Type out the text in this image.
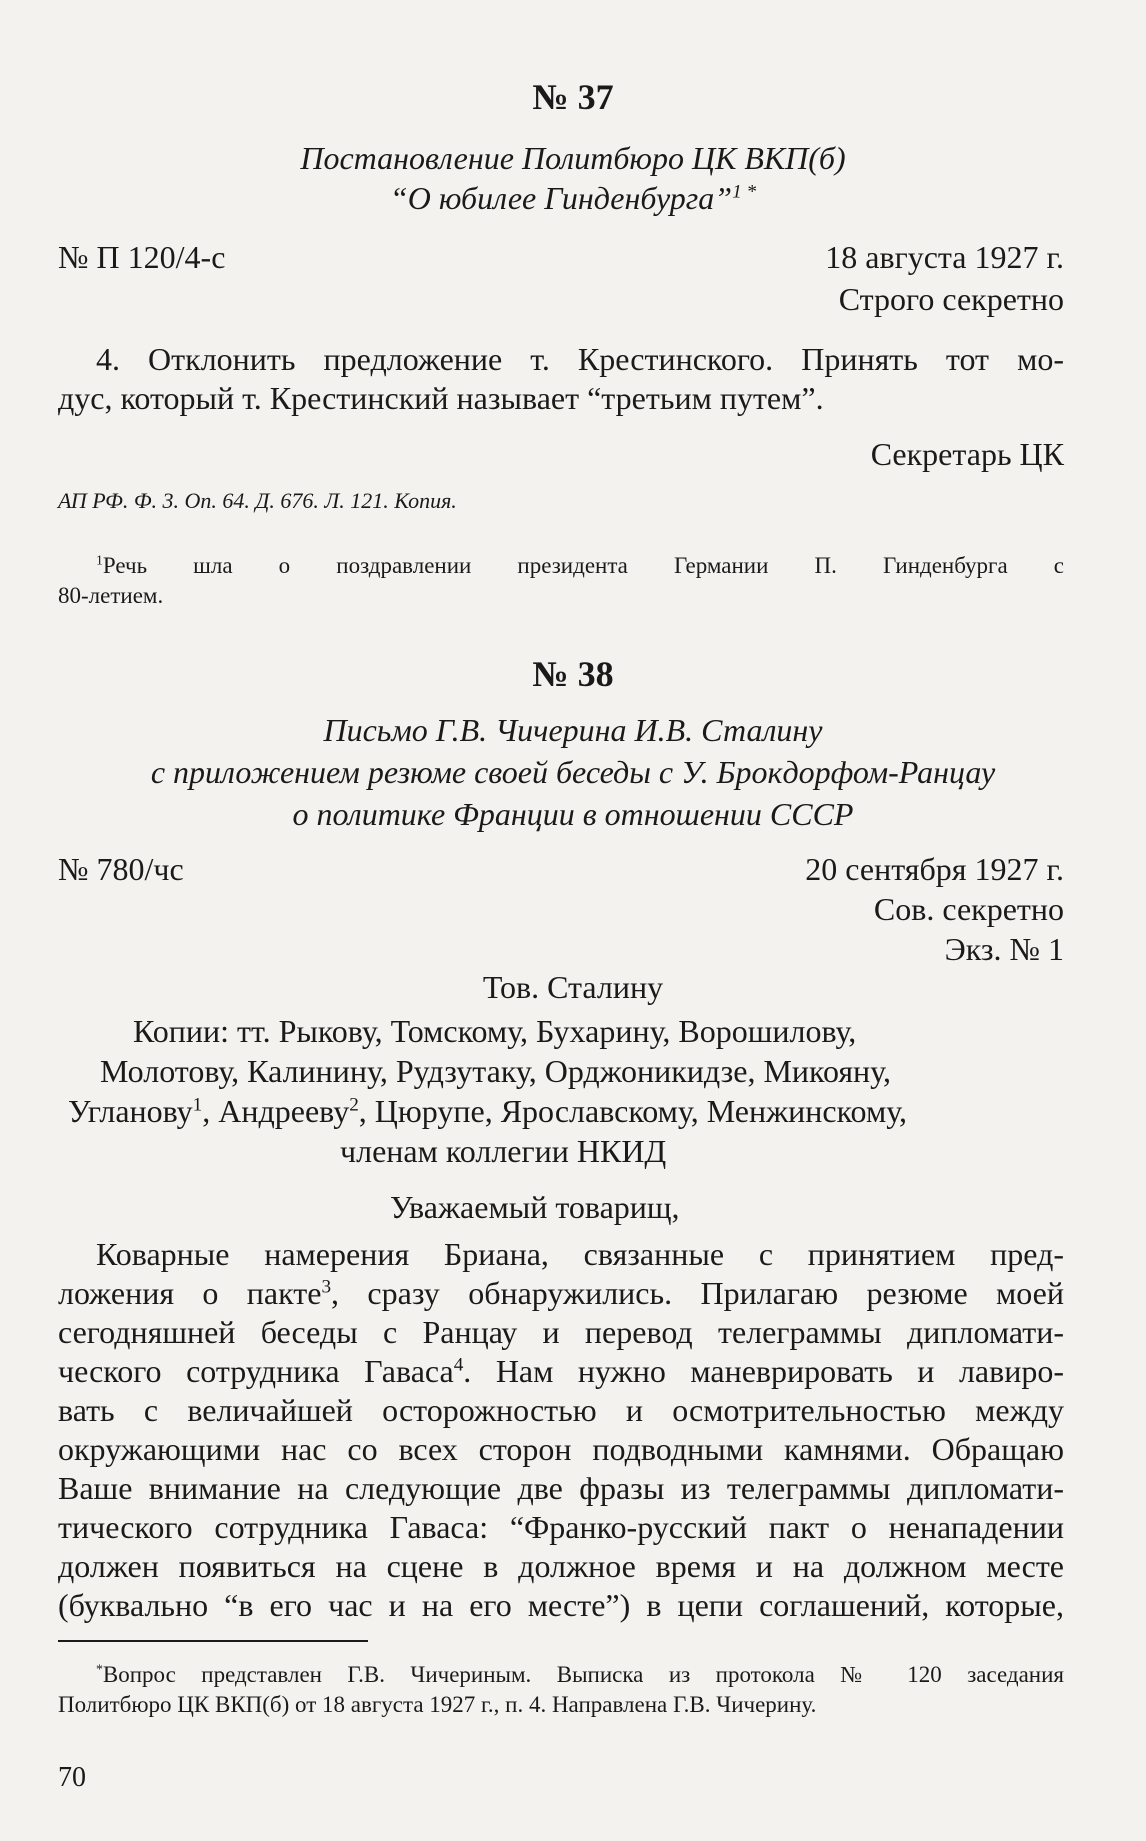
№ 37
Постановление Политбюро ЦК ВКП(б)
“О юбилее Гинденбурга”$^{1 *}$
№ П 120/4-с	18 августа 1927 г.
Строго секретно
4. Отклонить предложение т. Крестинского. Принять тот мо-
дус, который т. Крестинский называет “третьим путем”.
Секретарь ЦК
АП РФ. Ф. 3. Оп. 64. Д. 676. Л. 121. Копия.
$^1$Речь шла о поздравлении президента Германии П. Гинденбурга с
80-летием.
№ 38
Письмо Г.В. Чичерина И.В. Сталину
с приложением резюме своей беседы с У. Брокдорфом-Ранцау
о политике Франции в отношении СССР
№ 780/чс	20 сентября 1927 г.
Сов. секретно
Экз. № 1
Тов. Сталину
Копии: тт. Рыкову, Томскому, Бухарину, Ворошилову,
Молотову, Калинину, Рудзутаку, Орджоникидзе, Микояну,
Угланову$^1$, Андрееву$^2$, Цюрупе, Ярославскому, Менжинскому,
членам коллегии НКИД
Уважаемый товарищ,
Коварные намерения Бриана, связанные с принятием пред-
ложения о пакте$^3$, сразу обнаружились. Прилагаю резюме моей
сегодняшней беседы с Ранцау и перевод телеграммы дипломати-
ческого сотрудника Гаваса$^4$. Нам нужно маневрировать и лавиро-
вать с величайшей осторожностью и осмотрительностью между
окружающими нас со всех сторон подводными камнями. Обращаю
Ваше внимание на следующие две фразы из телеграммы дипломати-
тического сотрудника Гаваса: “Франко-русский пакт о ненападении
должен появиться на сцене в должное время и на должном месте
(буквально “в его час и на его месте”) в цепи соглашений, которые,
*Вопрос представлен Г.В. Чичериным. Выписка из протокола № 120 заседания
Политбюро ЦК ВКП(б) от 18 августа 1927 г., п. 4. Направлена Г.В. Чичерину.
70
